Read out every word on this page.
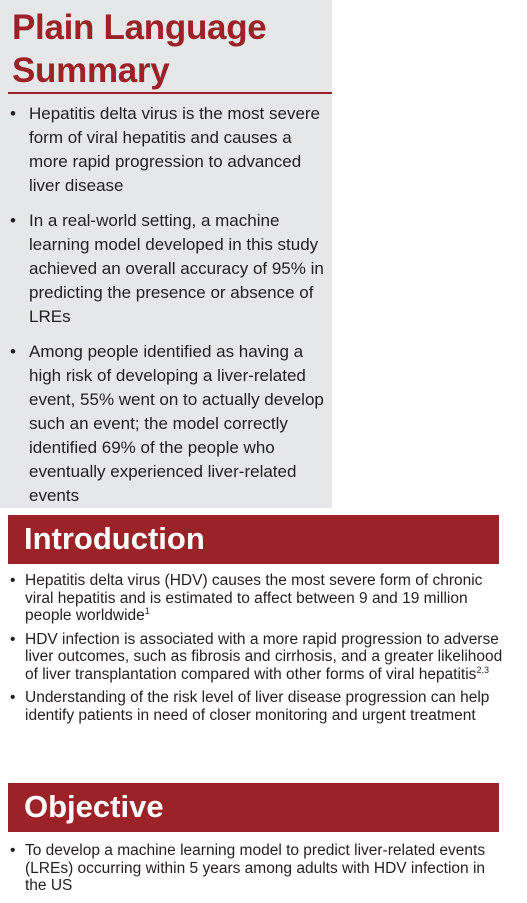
Plain Language
Summary
• Hepatitis delta virus is the most severe form of viral hepatitis and causes a more rapid progression to advanced liver disease
• In a real-world setting, a machine learning model developed in this study achieved an overall accuracy of 95% in predicting the presence or absence of LREs
• Among people identified as having a high risk of developing a liver-related event, 55% went on to actually develop such an event; the model correctly identified 69% of the people who eventually experienced liver-related events
Introduction
• Hepatitis delta virus (HDV) causes the most severe form of chronic viral hepatitis and is estimated to affect between 9 and 19 million people worldwide$^1$
• HDV infection is associated with a more rapid progression to adverse liver outcomes, such as fibrosis and cirrhosis, and a greater likelihood of liver transplantation compared with other forms of viral hepatitis$^{2,3}$
• Understanding of the risk level of liver disease progression can help identify patients in need of closer monitoring and urgent treatment
Objective
• To develop a machine learning model to predict liver-related events (LREs) occurring within 5 years among adults with HDV infection in the US
